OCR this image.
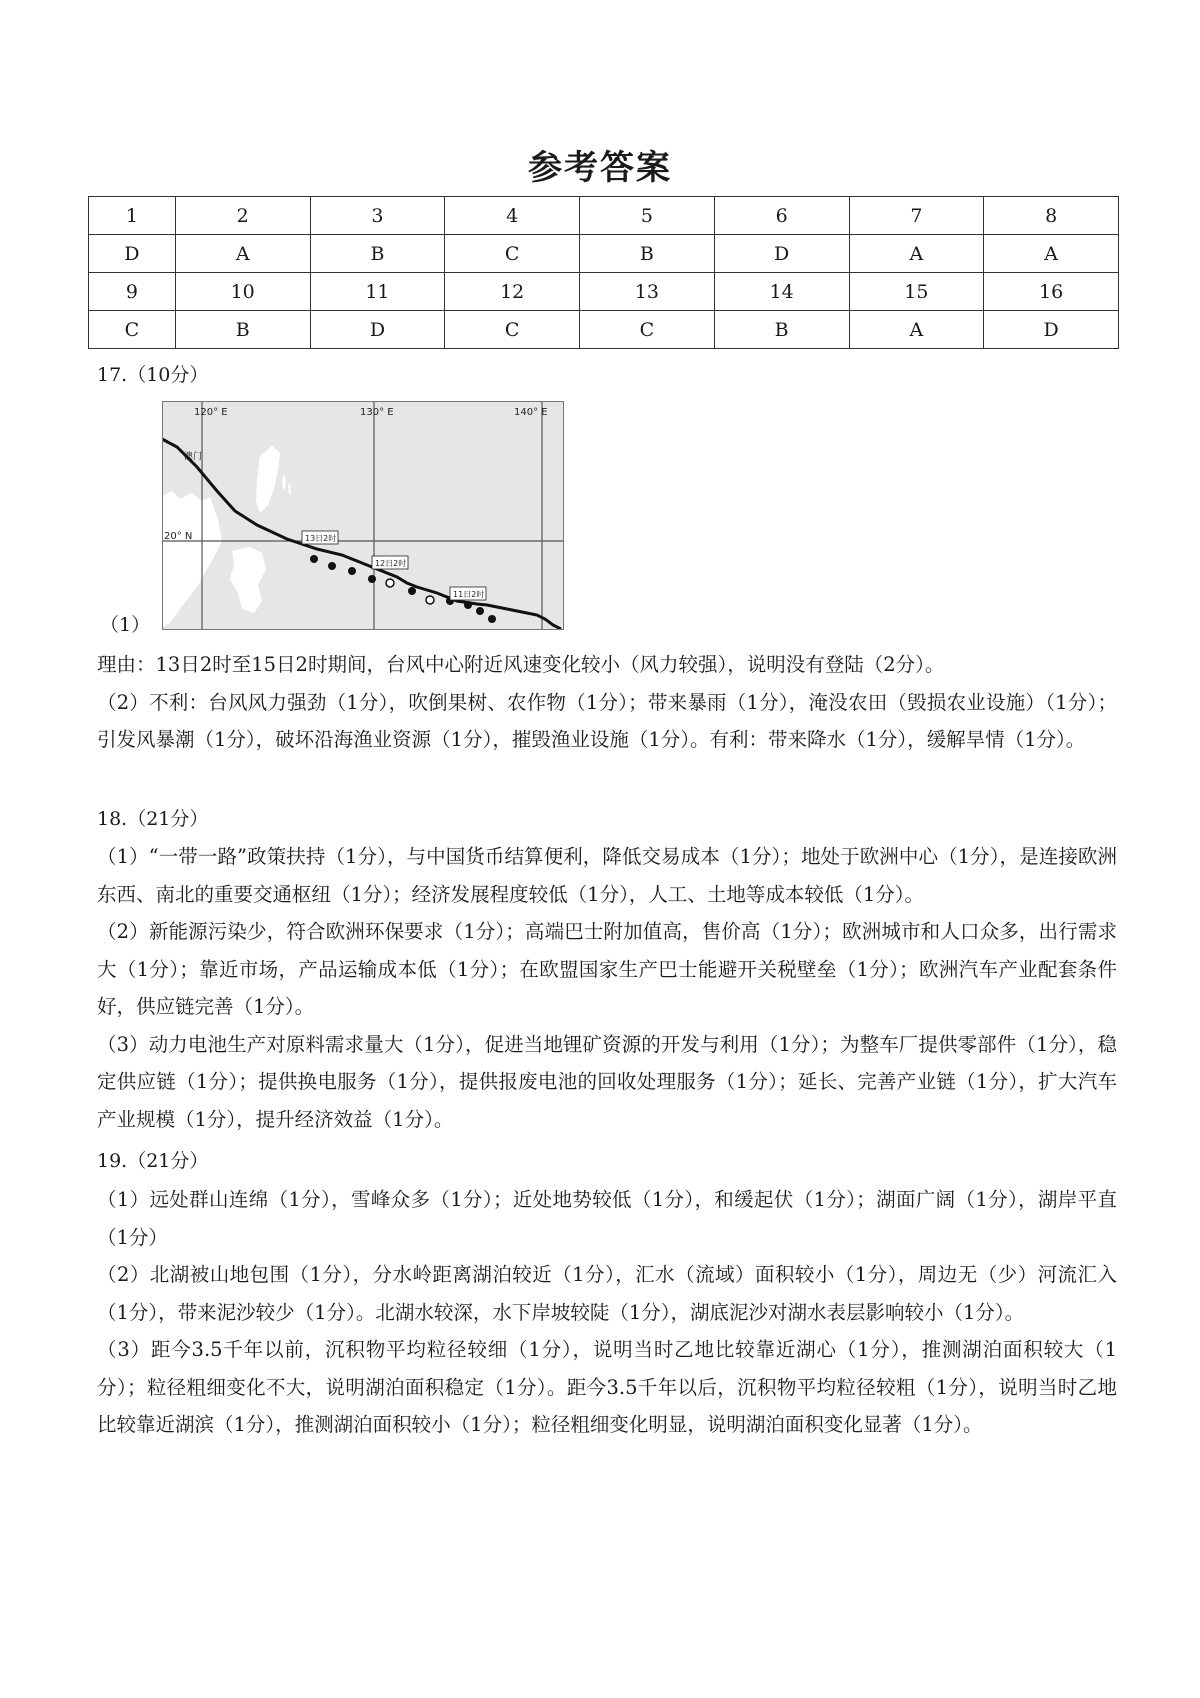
参考答案
1	2	3	4	5	6	7	8
D	A	B	C	B	D	A	A
9	10	11	12	13	14	15	16
C	B	D	C	C	B	A	D
17.（10分）
120° E	130° E	140° E
20° N
澳门
13日2时
12日2时
11日2时
（1）

理由：13日2时至15日2时期间，台风中心附近风速变化较小（风力较强），说明没有登陆（2分）。

（2）不利：台风风力强劲（1分），吹倒果树、农作物（1分）；带来暴雨（1分），淹没农田（毁损农业设施）（1分）；引发风暴潮（1分），破坏沿海渔业资源（1分），摧毁渔业设施（1分）。有利：带来降水（1分），缓解旱情（1分）。

18.（21分）

（1）“一带一路”政策扶持（1分），与中国货币结算便利，降低交易成本（1分）；地处于欧洲中心（1分），是连接欧洲东西、南北的重要交通枢纽（1分）；经济发展程度较低（1分），人工、土地等成本较低（1分）。

（2）新能源污染少，符合欧洲环保要求（1分）；高端巴士附加值高，售价高（1分）；欧洲城市和人口众多，出行需求大（1分）；靠近市场，产品运输成本低（1分）；在欧盟国家生产巴士能避开关税壁垒（1分）；欧洲汽车产业配套条件好，供应链完善（1分）。

（3）动力电池生产对原料需求量大（1分），促进当地锂矿资源的开发与利用（1分）；为整车厂提供零部件（1分），稳定供应链（1分）；提供换电服务（1分），提供报废电池的回收处理服务（1分）；延长、完善产业链（1分），扩大汽车产业规模（1分），提升经济效益（1分）。

19.（21分）

（1）远处群山连绵（1分），雪峰众多（1分）；近处地势较低（1分），和缓起伏（1分）；湖面广阔（1分），湖岸平直（1分）

（2）北湖被山地包围（1分），分水岭距离湖泊较近（1分），汇水（流域）面积较小（1分），周边无（少）河流汇入（1分），带来泥沙较少（1分）。北湖水较深，水下岸坡较陡（1分），湖底泥沙对湖水表层影响较小（1分）。

（3）距今3.5千年以前，沉积物平均粒径较细（1分），说明当时乙地比较靠近湖心（1分），推测湖泊面积较大（1分）；粒径粗细变化不大，说明湖泊面积稳定（1分）。距今3.5千年以后，沉积物平均粒径较粗（1分），说明当时乙地比较靠近湖滨（1分），推测湖泊面积较小（1分）；粒径粗细变化明显，说明湖泊面积变化显著（1分）。
